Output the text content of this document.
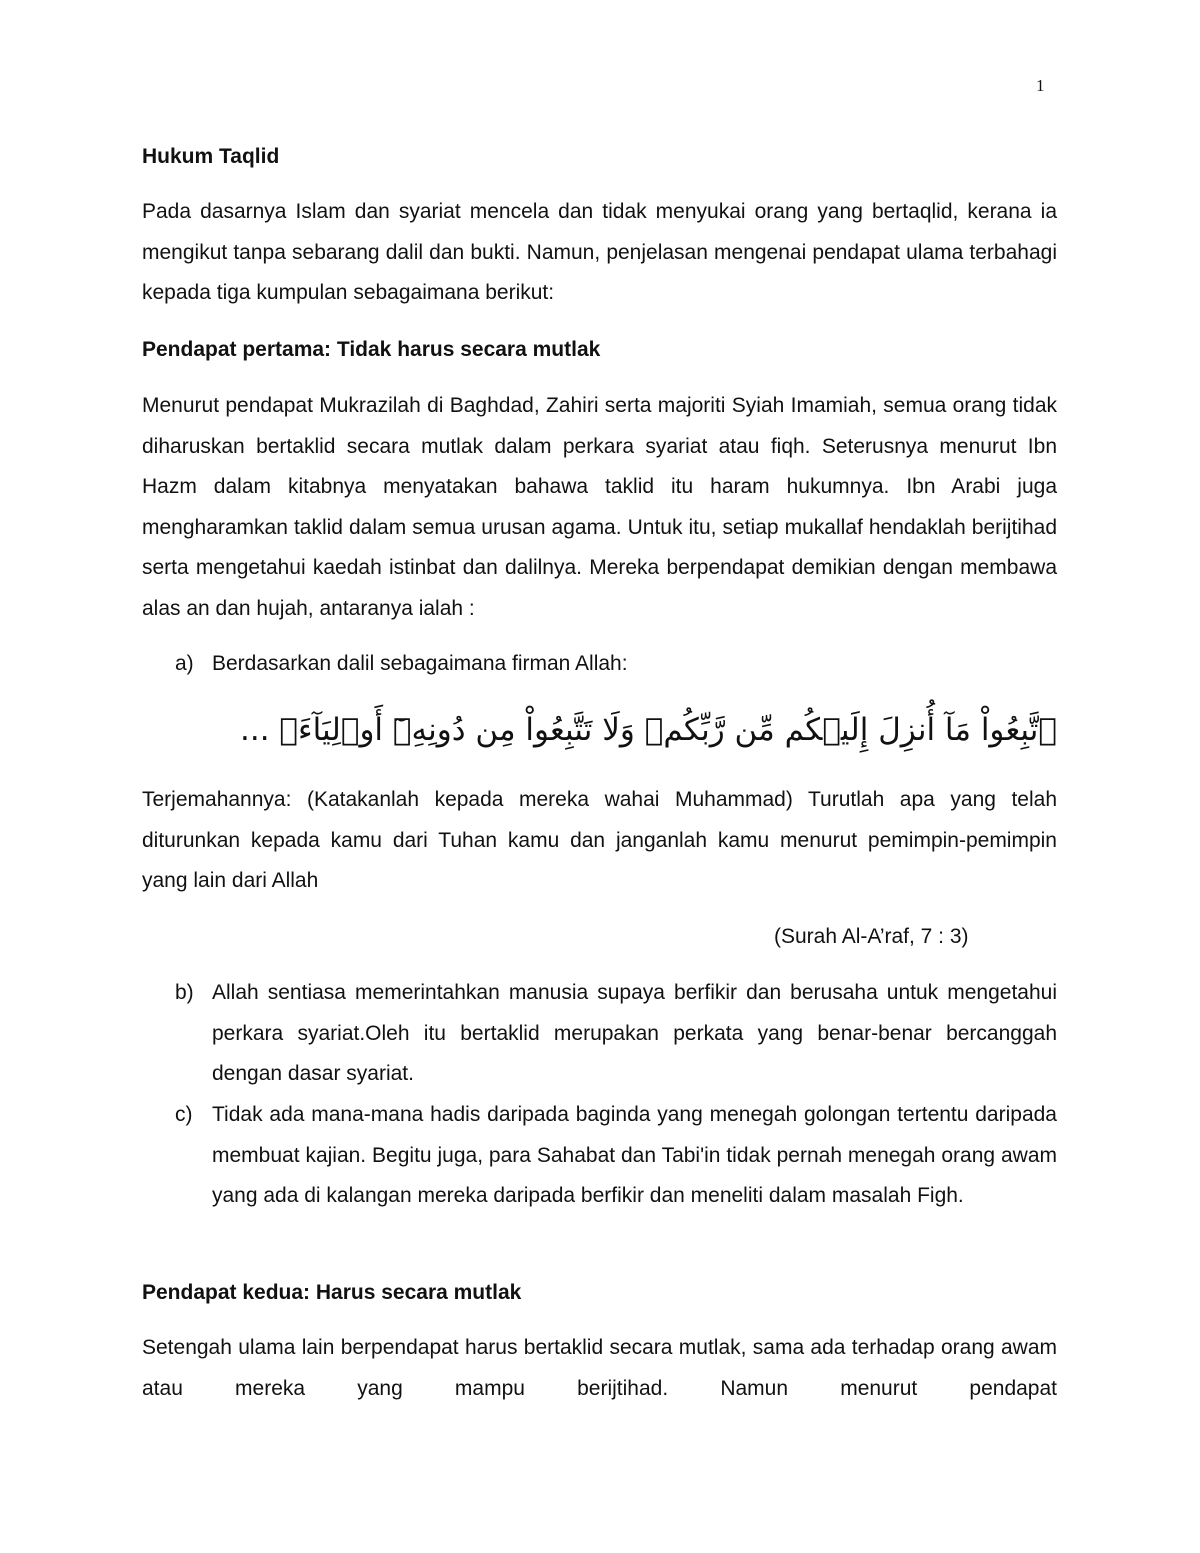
1
Hukum Taqlid

Pada dasarnya Islam dan syariat mencela dan tidak menyukai orang yang bertaqlid, kerana ia mengikut tanpa sebarang dalil dan bukti. Namun, penjelasan mengenai pendapat ulama terbahagi kepada tiga kumpulan sebagaimana berikut:

Pendapat pertama: Tidak harus secara mutlak

Menurut pendapat Mukrazilah di Baghdad, Zahiri serta majoriti Syiah Imamiah, semua orang tidak diharuskan bertaklid secara mutlak dalam perkara syariat atau fiqh. Seterusnya menurut Ibn Hazm dalam kitabnya menyatakan bahawa taklid itu haram hukumnya. Ibn Arabi juga mengharamkan taklid dalam semua urusan agama. Untuk itu, setiap mukallaf hendaklah berijtihad serta mengetahui kaedah istinbat dan dalilnya. Mereka berpendapat demikian dengan membawa alas an dan hujah, antaranya ialah :

a) Berdasarkan dalil sebagaimana firman Allah:
ٱتَّبِعُواْ مَآ أُنزِلَ إِلَيۡكُم مِّن رَّبِّكُمۡ وَلَا تَتَّبِعُواْ مِن دُونِهِۦٓ أَوۡلِيَآءَۗ ...

Terjemahannya: (Katakanlah kepada mereka wahai Muhammad) Turutlah apa yang telah diturunkan kepada kamu dari Tuhan kamu dan janganlah kamu menurut pemimpin-pemimpin yang lain dari Allah

(Surah Al-A’raf, 7 : 3)
b) Allah sentiasa memerintahkan manusia supaya berfikir dan berusaha untuk mengetahui perkara syariat.Oleh itu bertaklid merupakan perkata yang benar-benar bercanggah dengan dasar syariat.
c) Tidak ada mana-mana hadis daripada baginda yang menegah golongan tertentu daripada membuat kajian. Begitu juga, para Sahabat dan Tabi'in tidak pernah menegah orang awam yang ada di kalangan mereka daripada berfikir dan meneliti dalam masalah Figh.
Pendapat kedua: Harus secara mutlak

Setengah ulama lain berpendapat harus bertaklid secara mutlak, sama ada terhadap orang awam atau mereka yang mampu berijtihad. Namun menurut pendapat
